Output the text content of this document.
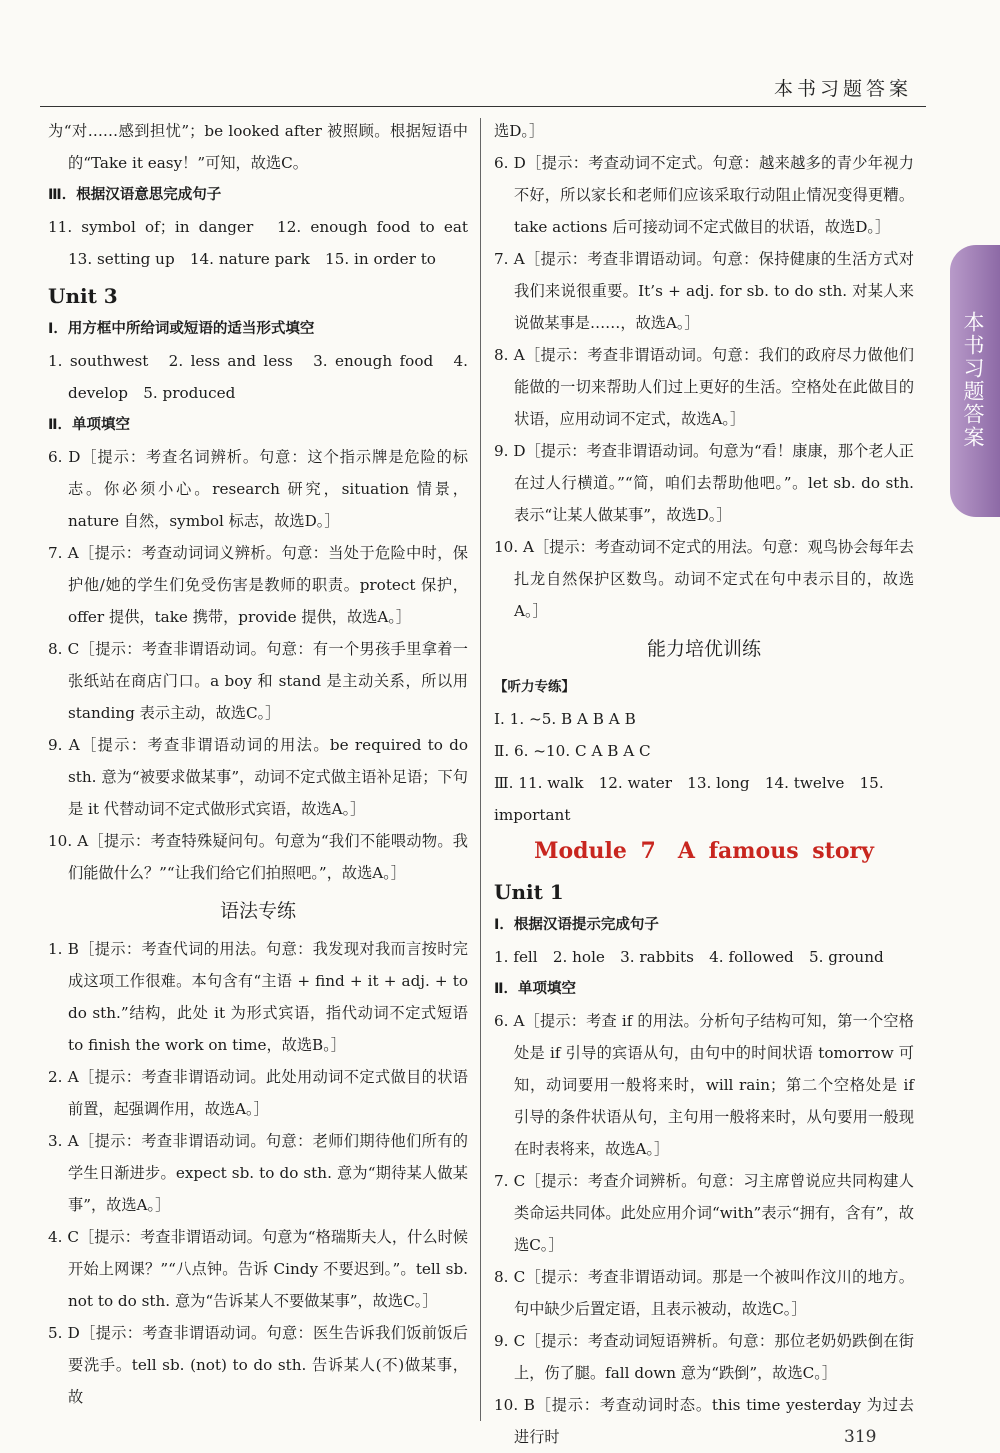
本书习题答案
本书习题答案

为“对……感到担忧”；be looked after 被照顾。根据短语中的“Take it easy！”可知，故选C。

Ⅲ．根据汉语意思完成句子

11. symbol of；in danger　12. enough food to eat　13. setting up　14. nature park　15. in order to

Unit 3

Ⅰ．用方框中所给词或短语的适当形式填空

1. southwest　2. less and less　3. enough food　4. develop　5. produced

Ⅱ．单项填空

6. D［提示：考查名词辨析。句意：这个指示牌是危险的标志。你必须小心。research 研究，situation 情景，nature 自然，symbol 标志，故选D。］

7. A［提示：考查动词词义辨析。句意：当处于危险中时，保护他/她的学生们免受伤害是教师的职责。protect 保护，offer 提供，take 携带，provide 提供，故选A。］

8. C［提示：考查非谓语动词。句意：有一个男孩手里拿着一张纸站在商店门口。a boy 和 stand 是主动关系，所以用 standing 表示主动，故选C。］

9. A［提示：考查非谓语动词的用法。be required to do sth. 意为“被要求做某事”，动词不定式做主语补足语；下句是 it 代替动词不定式做形式宾语，故选A。］

10. A［提示：考查特殊疑问句。句意为“我们不能喂动物。我们能做什么？”“让我们给它们拍照吧。”，故选A。］

语法专练

1. B［提示：考查代词的用法。句意：我发现对我而言按时完成这项工作很难。本句含有“主语 + find + it + adj. + to do sth.”结构，此处 it 为形式宾语，指代动词不定式短语 to finish the work on time，故选B。］

2. A［提示：考查非谓语动词。此处用动词不定式做目的状语前置，起强调作用，故选A。］

3. A［提示：考查非谓语动词。句意：老师们期待他们所有的学生日渐进步。expect sb. to do sth. 意为“期待某人做某事”，故选A。］

4. C［提示：考查非谓语动词。句意为“格瑞斯夫人，什么时候开始上网课？”“八点钟。告诉 Cindy 不要迟到。”。tell sb. not to do sth. 意为“告诉某人不要做某事”，故选C。］

5. D［提示：考查非谓语动词。句意：医生告诉我们饭前饭后要洗手。tell sb. (not) to do sth. 告诉某人(不)做某事，故

选D。］

6. D［提示：考查动词不定式。句意：越来越多的青少年视力不好，所以家长和老师们应该采取行动阻止情况变得更糟。take actions 后可接动词不定式做目的状语，故选D。］

7. A［提示：考查非谓语动词。句意：保持健康的生活方式对我们来说很重要。It’s + adj. for sb. to do sth. 对某人来说做某事是……，故选A。］

8. A［提示：考查非谓语动词。句意：我们的政府尽力做他们能做的一切来帮助人们过上更好的生活。空格处在此做目的状语，应用动词不定式，故选A。］

9. D［提示：考查非谓语动词。句意为“看！康康，那个老人正在过人行横道。”“简，咱们去帮助他吧。”。let sb. do sth. 表示“让某人做某事”，故选D。］

10. A［提示：考查动词不定式的用法。句意：观鸟协会每年去扎龙自然保护区数鸟。动词不定式在句中表示目的，故选A。］

能力培优训练

【听力专练】

Ⅰ. 1. ~5. B A B A B

Ⅱ. 6. ~10. C A B A C

Ⅲ. 11. walk　12. water　13. long　14. twelve　15. important

Module 7　A famous story

Unit 1

Ⅰ．根据汉语提示完成句子

1. fell　2. hole　3. rabbits　4. followed　5. ground

Ⅱ．单项填空

6. A［提示：考查 if 的用法。分析句子结构可知，第一个空格处是 if 引导的宾语从句，由句中的时间状语 tomorrow 可知，动词要用一般将来时，will rain；第二个空格处是 if 引导的条件状语从句，主句用一般将来时，从句要用一般现在时表将来，故选A。］

7. C［提示：考查介词辨析。句意：习主席曾说应共同构建人类命运共同体。此处应用介词“with”表示“拥有，含有”，故选C。］

8. C［提示：考查非谓语动词。那是一个被叫作汶川的地方。句中缺少后置定语，且表示被动，故选C。］

9. C［提示：考查动词短语辨析。句意：那位老奶奶跌倒在街上，伤了腿。fall down 意为“跌倒”，故选C。］

10. B［提示：考查动词时态。this time yesterday 为过去进行时	319
